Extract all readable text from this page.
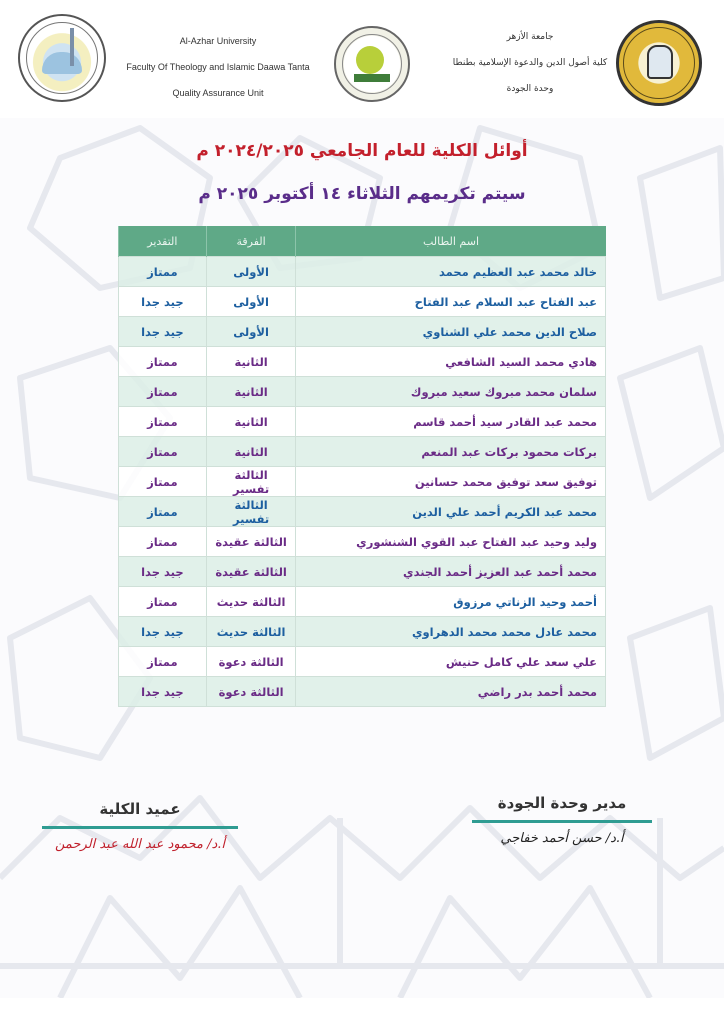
Al-Azhar University
Faculty Of Theology and Islamic Daawa Tanta
Quality Assurance Unit
جامعة الأزهر
كلية أصول الدين والدعوة الإسلامية بطنطا
وحدة الجودة
أوائل الكلية للعام الجامعي ٢٠٢٤/٢٠٢٥ م
سيتم تكريمهم الثلاثاء ١٤ أكتوبر ٢٠٢٥ م
اسم الطالب	الفرقة	التقدير
خالد محمد عبد العظيم محمد	الأولى	ممتاز
عبد الفتاح عبد السلام عبد الفتاح	الأولى	جيد جدا
صلاح الدين محمد علي الشناوي	الأولى	جيد جدا
هادي محمد السيد الشافعي	الثانية	ممتاز
سلمان محمد مبروك سعيد مبروك	الثانية	ممتاز
محمد عبد القادر سيد أحمد قاسم	الثانية	ممتاز
بركات محمود بركات عبد المنعم	الثانية	ممتاز
توفيق سعد توفيق محمد حسانين	الثالثة تفسير	ممتاز
محمد عبد الكريم أحمد علي الدين	الثالثة تفسير	ممتاز
وليد وحيد عبد الفتاح عبد القوي الشنشوري	الثالثة عقيدة	ممتاز
محمد أحمد عبد العزيز أحمد الجندي	الثالثة عقيدة	جيد جدا
أحمد وحيد الزناتي مرزوق	الثالثة حديث	ممتاز
محمد عادل محمد محمد الدهراوي	الثالثة حديث	جيد جدا
علي سعد علي كامل حنيش	الثالثة دعوة	ممتاز
محمد أحمد بدر راضي	الثالثة دعوة	جيد جدا
مدير وحدة الجودة
أ.د/ حسن أحمد خفاجي
عميد الكلية
أ.د/ محمود عبد الله عبد الرحمن
